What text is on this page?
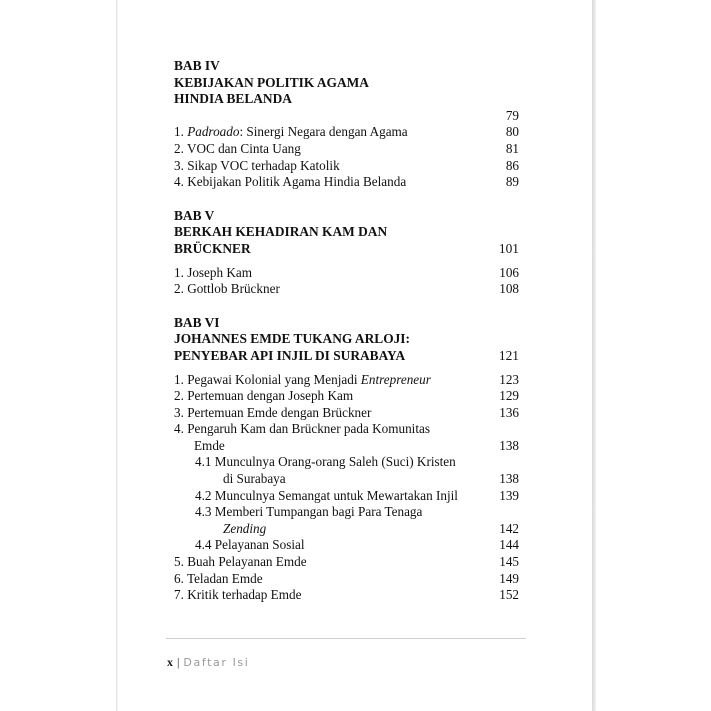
BAB IV
KEBIJAKAN POLITIK AGAMA
HINDIA BELANDA
79
1. Padroado: Sinergi Negara dengan Agama	80
2. VOC dan Cinta Uang	81
3. Sikap VOC terhadap Katolik	86
4. Kebijakan Politik Agama Hindia Belanda	89
BAB V
BERKAH KEHADIRAN KAM DAN
BRÜCKNER	101
1. Joseph Kam	106
2. Gottlob Brückner	108
BAB VI
JOHANNES EMDE TUKANG ARLOJI:
PENYEBAR API INJIL DI SURABAYA	121
1. Pegawai Kolonial yang Menjadi Entrepreneur	123
2. Pertemuan dengan Joseph Kam	129
3. Pertemuan Emde dengan Brückner	136
4. Pengaruh Kam dan Brückner pada Komunitas
Emde	138
4.1 Munculnya Orang-orang Saleh (Suci) Kristen
di Surabaya	138
4.2 Munculnya Semangat untuk Mewartakan Injil	139
4.3 Memberi Tumpangan bagi Para Tenaga
Zending	142
4.4 Pelayanan Sosial	144
5. Buah Pelayanan Emde	145
6. Teladan Emde	149
7. Kritik terhadap Emde	152
x | Daftar Isi
